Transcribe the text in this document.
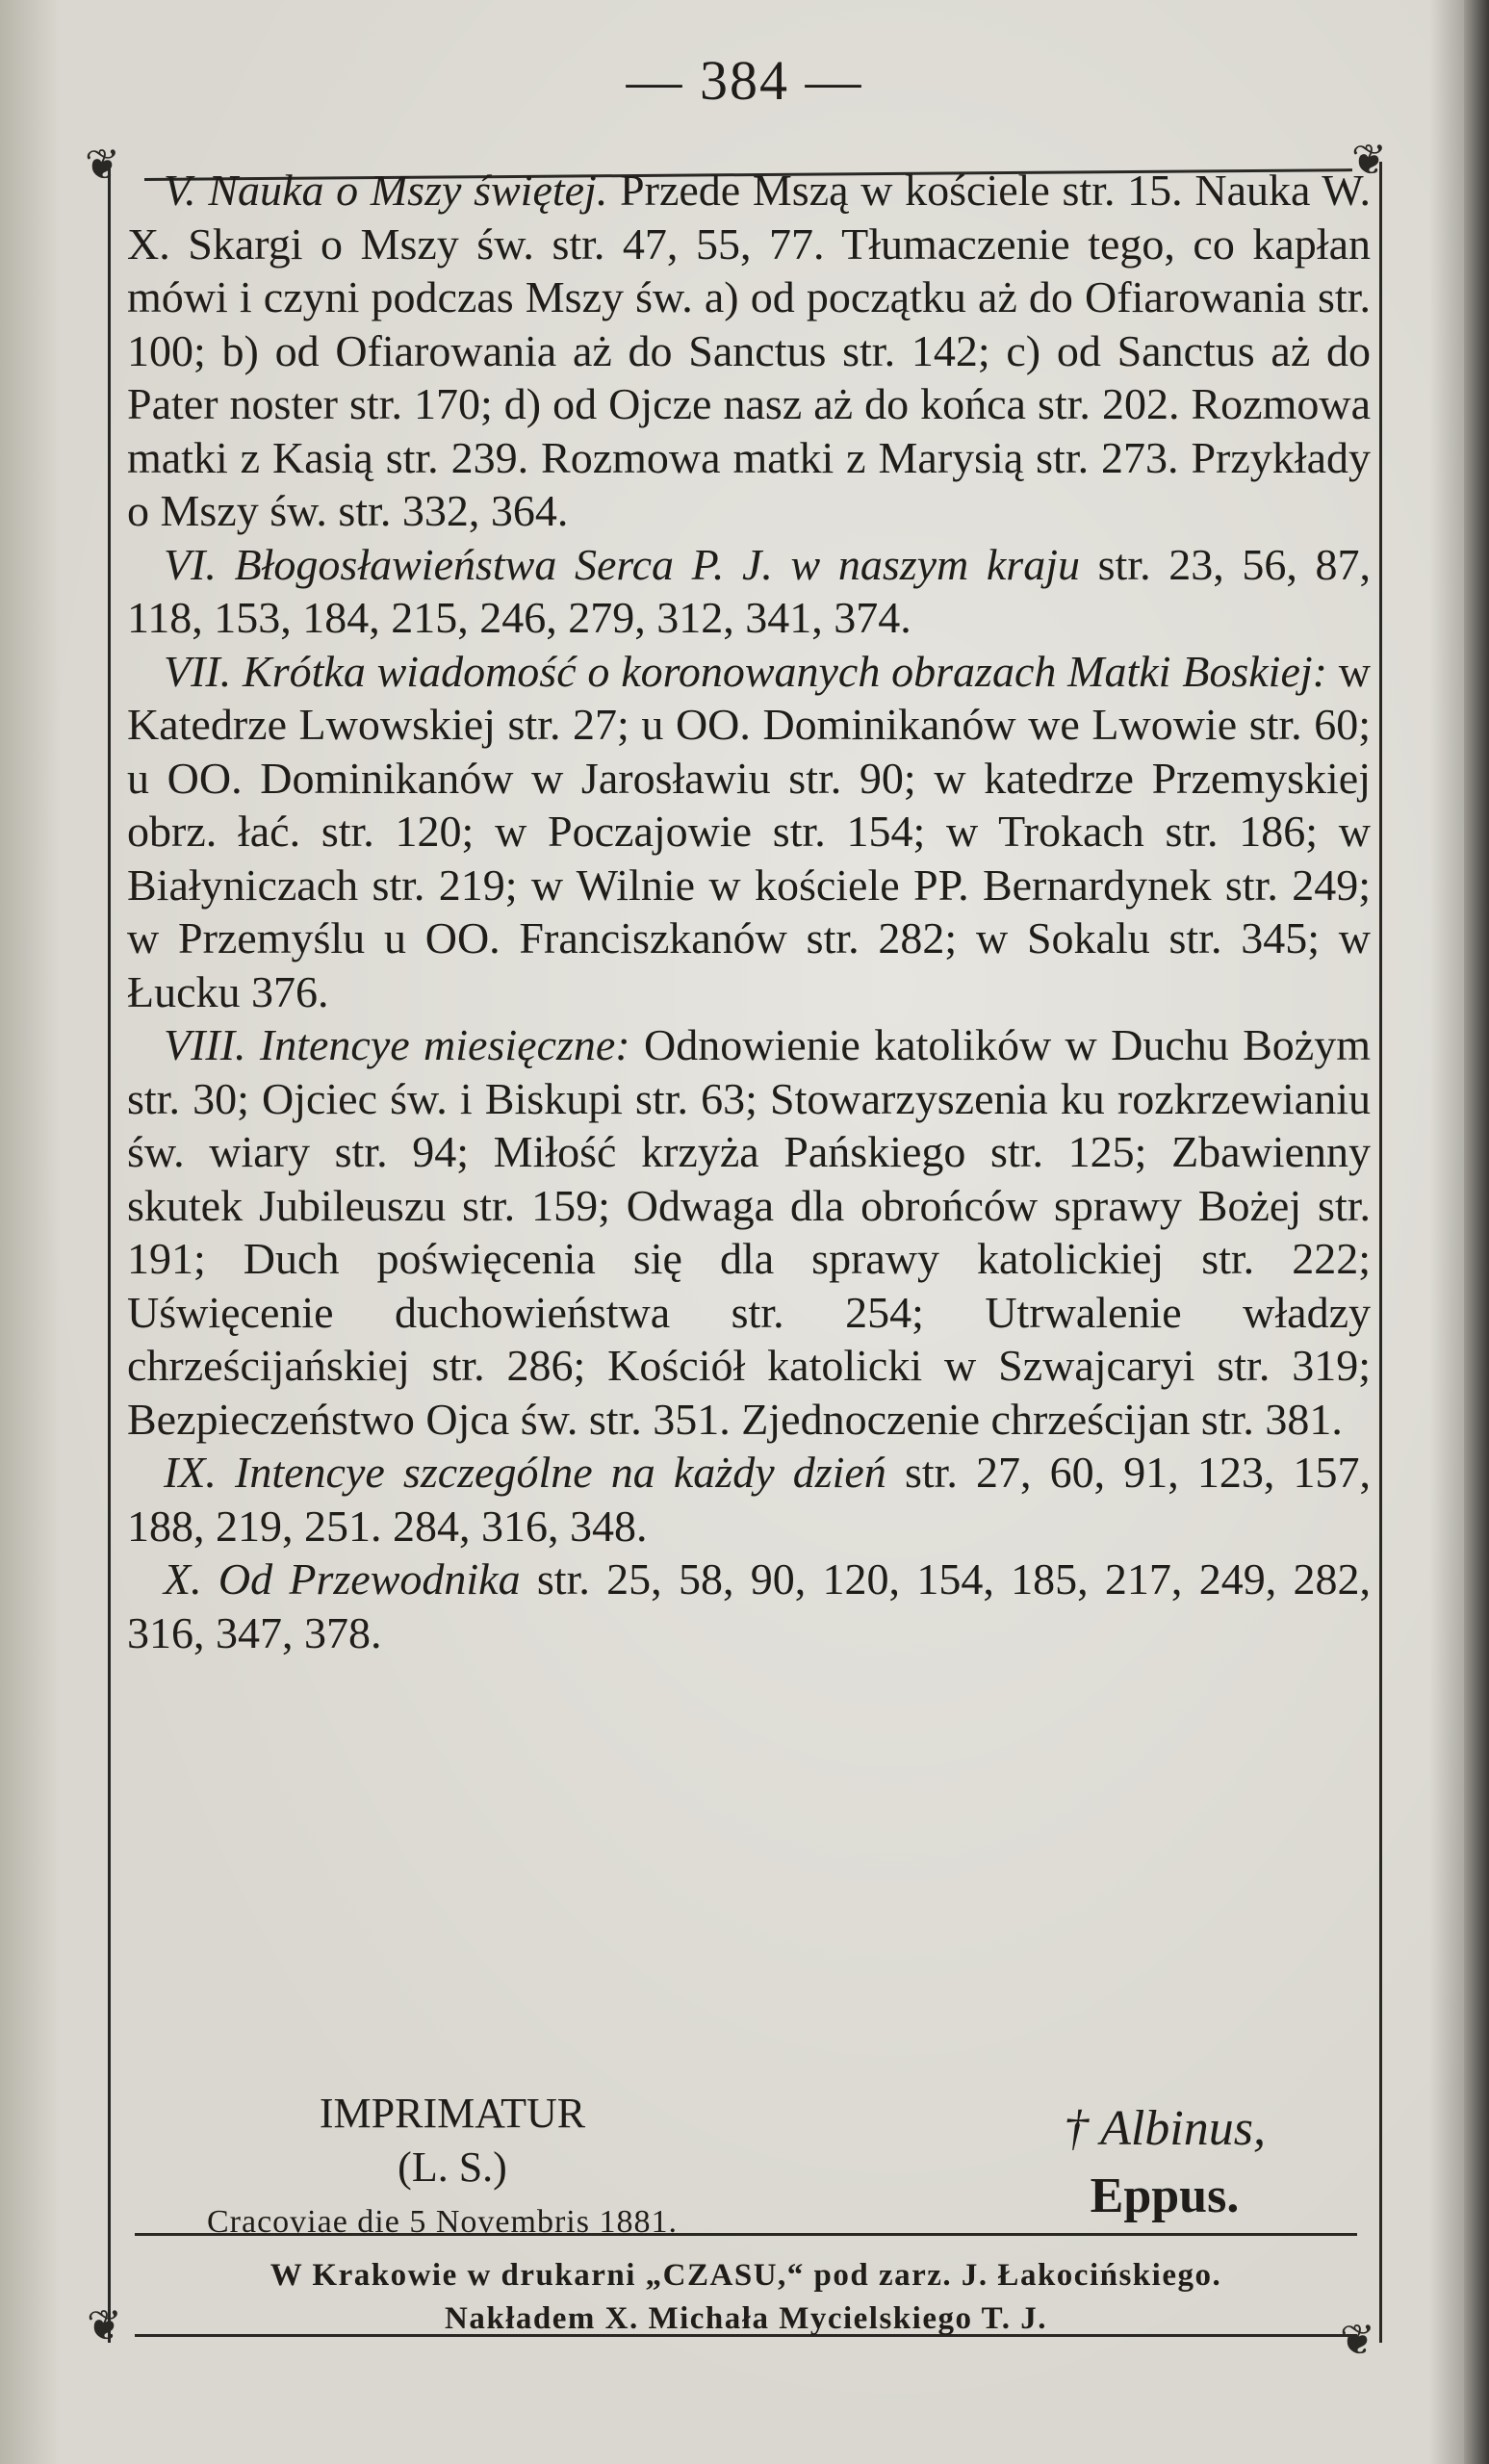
— 384 —
❦	❦
❦	❦

V. Nauka o Mszy świętej. Przede Mszą w kościele str. 15. Nauka W. X. Skargi o Mszy św. str. 47, 55, 77. Tłumaczenie tego, co kapłan mówi i czyni podczas Mszy św. a) od początku aż do Ofiarowania str. 100; b) od Ofiarowania aż do Sanctus str. 142; c) od Sanctus aż do Pater noster str. 170; d) od Ojcze nasz aż do końca str. 202. Rozmowa matki z Kasią str. 239. Rozmowa matki z Marysią str. 273. Przykłady o Mszy św. str. 332, 364.

VI. Błogosławieństwa Serca P. J. w naszym kraju str. 23, 56, 87, 118, 153, 184, 215, 246, 279, 312, 341, 374.

VII. Krótka wiadomość o koronowanych obrazach Matki Boskiej: w Katedrze Lwowskiej str. 27; u OO. Dominikanów we Lwowie str. 60; u OO. Dominikanów w Jarosławiu str. 90; w katedrze Przemyskiej obrz. łać. str. 120; w Poczajowie str. 154; w Trokach str. 186; w Białyniczach str. 219; w Wilnie w kościele PP. Bernardynek str. 249; w Przemyślu u OO. Franciszkanów str. 282; w Sokalu str. 345; w Łucku 376.

VIII. Intencye miesięczne: Odnowienie katolików w Duchu Bożym str. 30; Ojciec św. i Biskupi str. 63; Stowarzyszenia ku rozkrzewianiu św. wiary str. 94; Miłość krzyża Pańskiego str. 125; Zbawienny skutek Jubileuszu str. 159; Odwaga dla obrońców sprawy Bożej str. 191; Duch poświęcenia się dla sprawy katolickiej str. 222; Uświęcenie duchowieństwa str. 254; Utrwalenie władzy chrześcijańskiej str. 286; Kościół katolicki w Szwajcaryi str. 319; Bezpieczeństwo Ojca św. str. 351. Zjednoczenie chrześcijan str. 381.

IX. Intencye szczególne na każdy dzień str. 27, 60, 91, 123, 157, 188, 219, 251. 284, 316, 348.

X. Od Przewodnika str. 25, 58, 90, 120, 154, 185, 217, 249, 282, 316, 347, 378.

IMPRIMATUR
(L. S.)
Cracoviae die 5 Novembris 1881.
† Albinus,
Eppus.
W Krakowie w drukarni „CZASU,“ pod zarz. J. Łakocińskiego.
Nakładem X. Michała Mycielskiego T. J.
